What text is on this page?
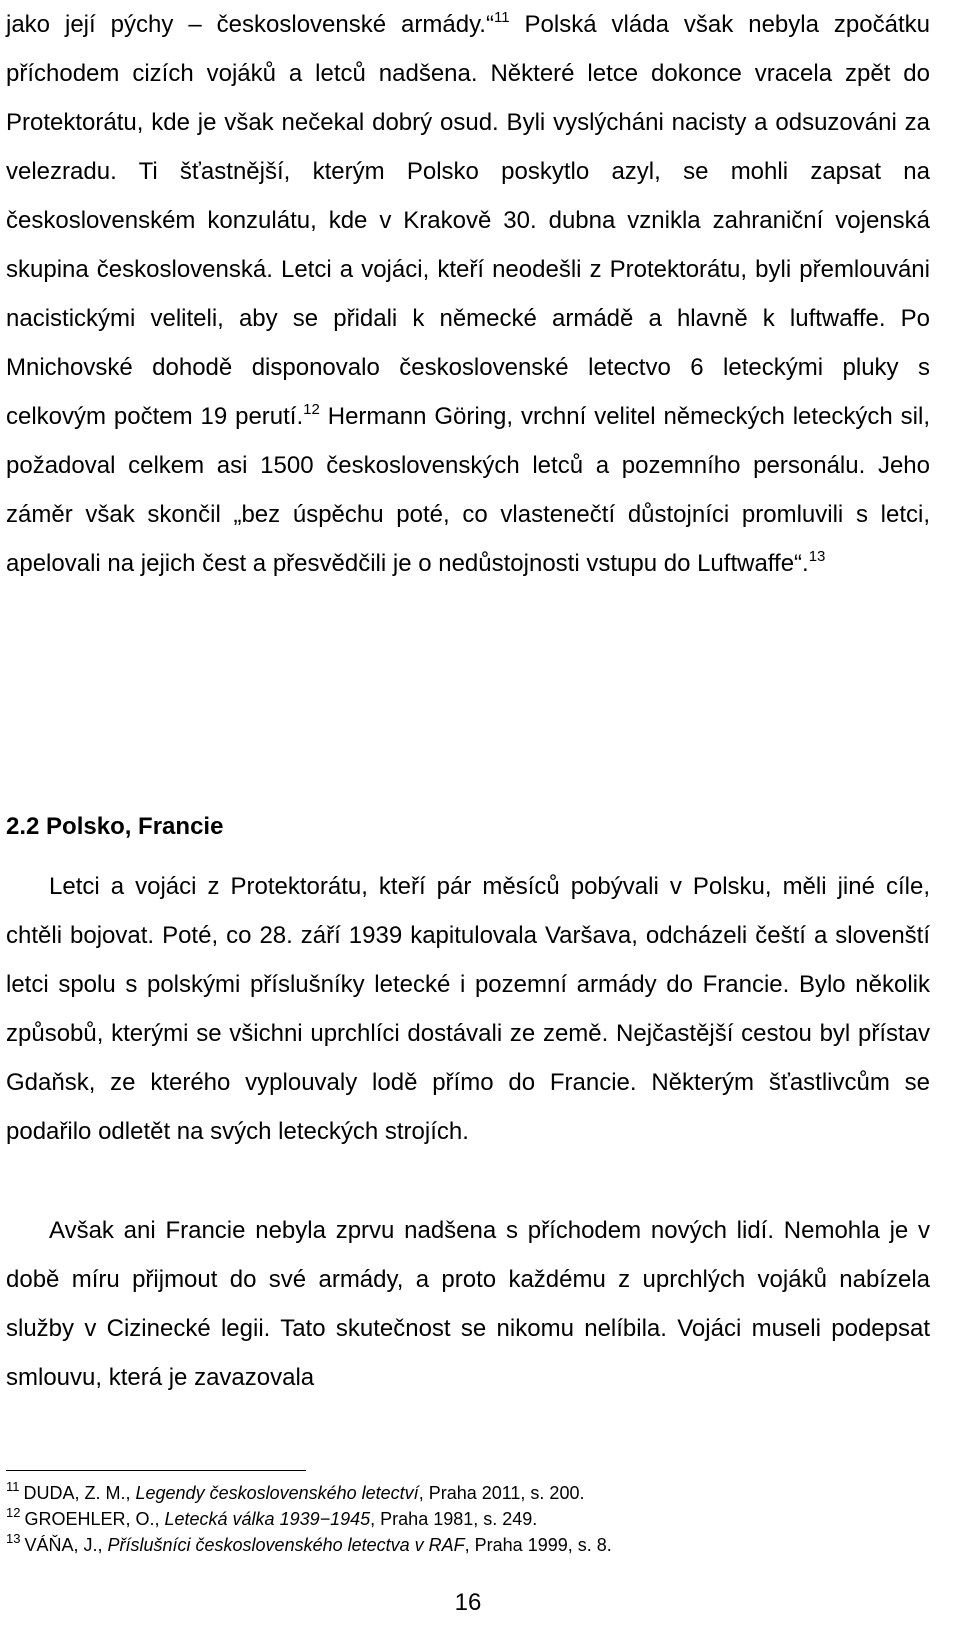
jako její pýchy – československé armády.“$^{11}$ Polská vláda však nebyla zpočátku příchodem cizích vojáků a letců nadšena. Některé letce dokonce vracela zpět do Protektorátu, kde je však nečekal dobrý osud. Byli vyslýcháni nacisty a odsuzováni za velezradu. Ti šťastnější, kterým Polsko poskytlo azyl, se mohli zapsat na československém konzulátu, kde v Krakově 30. dubna vznikla zahraniční vojenská skupina československá. Letci a vojáci, kteří neodešli z Protektorátu, byli přemlouváni nacistickými veliteli, aby se přidali k německé armádě a hlavně k luftwaffe. Po Mnichovské dohodě disponovalo československé letectvo 6 leteckými pluky s celkovým počtem 19 perutí.$^{12}$ Hermann Göring, vrchní velitel německých leteckých sil, požadoval celkem asi 1500 československých letců a pozemního personálu. Jeho záměr však skončil „bez úspěchu poté, co vlastenečtí důstojníci promluvili s letci, apelovali na jejich čest a přesvědčili je o nedůstojnosti vstupu do Luftwaffe“.$^{13}$

2.2 Polsko, Francie

Letci a vojáci z Protektorátu, kteří pár měsíců pobývali v Polsku, měli jiné cíle, chtěli bojovat. Poté, co 28. září 1939 kapitulovala Varšava, odcházeli čeští a slovenští letci spolu s polskými příslušníky letecké i pozemní armády do Francie. Bylo několik způsobů, kterými se všichni uprchlíci dostávali ze země. Nejčastější cestou byl přístav Gdaňsk, ze kterého vyplouvaly lodě přímo do Francie. Některým šťastlivcům se podařilo odletět na svých leteckých strojích.

Avšak ani Francie nebyla zprvu nadšena s příchodem nových lidí. Nemohla je v době míru přijmout do své armády, a proto každému z uprchlých vojáků nabízela služby v Cizinecké legii. Tato skutečnost se nikomu nelíbila. Vojáci museli podepsat smlouvu, která je zavazovala

$^{11}$ DUDA, Z. M., Legendy československého letectví, Praha 2011, s. 200.
$^{12}$ GROEHLER, O., Letecká válka 1939−1945, Praha 1981, s. 249.
$^{13}$ VÁŇA, J., Příslušníci československého letectva v RAF, Praha 1999, s. 8.
16
